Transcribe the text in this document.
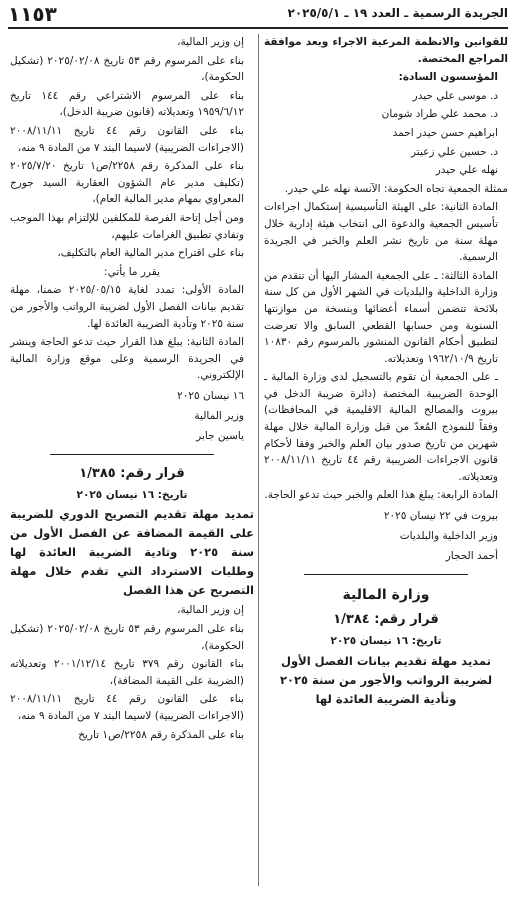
الجريدة الرسمية ـ العدد ١٩ ـ ٢٠٢٥/٥/١
١١٥٣

للقوانين والانظمة المرعية الاجراء وبعد موافقة المراجع المختصة.

المؤسسون السادة:

د. موسى علي حيدر

د. محمد علي طراد شومان

ابراهيم حسن حيدر احمد

د. حسين علي زعيتر

نهله علي حيدر

ممثلة الجمعية تجاه الحكومة: الآنسة نهله علي حيدر.

المادة الثانية: على الهيئة التأسيسية إستكمال اجراءات تأسيس الجمعية والدعوة الى انتخاب هيئة إدارية خلال مهلة سنة من تاريخ نشر العلم والخبر في الجريدة الرسمية.

المادة الثالثة: ـ على الجمعية المشار اليها أن تتقدم من وزارة الداخلية والبلديات في الشهر الأول من كل سنة بلائحة تتضمن أسماء أعضائها وبنسخة من موازنتها السنوية ومن حسابها القطعي السابق والا تعرضت لتطبيق أحكام القانون المنشور بالمرسوم رقم ١٠٨٣٠ تاريخ ١٩٦٢/١٠/٩ وتعديلاته.

ـ على الجمعية أن تقوم بالتسجيل لدى وزارة المالية ـ الوحدة الضريبية المختصة (دائرة ضريبة الدخل في بيروت والمصالح المالية الاقليمية في المحافظات) وفقاً للنموذج المُعدّ من قبل وزارة المالية خلال مهلة شهرين من تاريخ صدور بيان العلم والخبر وفقا لأحكام قانون الاجراءات الضريبية رقم ٤٤ تاريخ ٢٠٠٨/١١/١١ وتعديلاته.

المادة الرابعة: يبلغ هذا العلم والخبر حيث تدعو الحاجة.

بيروت في ٢٢ نيسان ٢٠٢٥
وزير الداخلية والبلديات
أحمد الحجار

وزارة المالية

قرار رقم: ١/٣٨٤

تاريخ: ١٦ نيسان ٢٠٢٥

تمديد مهلة تقديم بيانات الفصل الأول لضريبة الرواتب والأجور من سنة ٢٠٢٥ وتأدية الضريبة العائدة لها

إن وزير المالية،

بناء على المرسوم رقم ٥٣ تاريخ ٢٠٢٥/٠٢/٠٨ (تشكيل الحكومة)،

بناء على المرسوم الاشتراعي رقم ١٤٤ تاريخ ١٩٥٩/٦/١٢ وتعديلاته (قانون ضريبة الدخل)،

بناء على القانون رقم ٤٤ تاريخ ٢٠٠٨/١١/١١ (الاجراءات الضريبية) لاسيما البند ٧ من المادة ٩ منه،

بناء على المذكرة رقم ٢٢٥٨/ص١ تاريخ ٢٠٢٥/٧/٢٠ (تكليف مدير عام الشؤون العقارية السيد جورج المعراوي بمهام مدير المالية العام)،

ومن أجل إتاحة الفرصة للمكلفين للإلتزام بهذا الموجب وتفادي تطبيق الغرامات عليهم،

بناء على اقتراح مدير المالية العام بالتكليف،

يقرر ما يأتي:

المادة الأولى: تمدد لغاية ٢٠٢٥/٠٥/١٥ ضمنا، مهلة تقديم بيانات الفصل الأول لضريبة الرواتب والأجور من سنة ٢٠٢٥ وتأدية الضريبة العائدة لها.

المادة الثانية: يبلغ هذا القرار حيث تدعو الحاجة وينشر في الجريدة الرسمية وعلى موقع وزارة المالية الإلكتروني.

١٦ نيسان ٢٠٢٥
وزير المالية
ياسين جابر

قرار رقم: ١/٣٨٥

تاريخ: ١٦ نيسان ٢٠٢٥

تمديد مهلة تقديم التصريح الدوري للضريبة على القيمة المضافة عن الفصل الأول من سنة ٢٠٢٥ وتادية الضريبة العائدة لها وطلبات الاسترداد التي تقدم خلال مهلة التصريح عن هذا الفصل

إن وزير المالية،

بناء على المرسوم رقم ٥٣ تاريخ ٢٠٢٥/٠٢/٠٨ (تشكيل الحكومة)،

بناء القانون رقم ٣٧٩ تاريخ ٢٠٠١/١٢/١٤ وتعديلاته (الضريبة على القيمة المضافة)،

بناء على القانون رقم ٤٤ تاريخ ٢٠٠٨/١١/١١ (الاجراءات الضريبية) لاسيما البند ٧ من المادة ٩ منه،

بناء على المذكرة رقم ٢٢٥٨/ص١ تاريخ
